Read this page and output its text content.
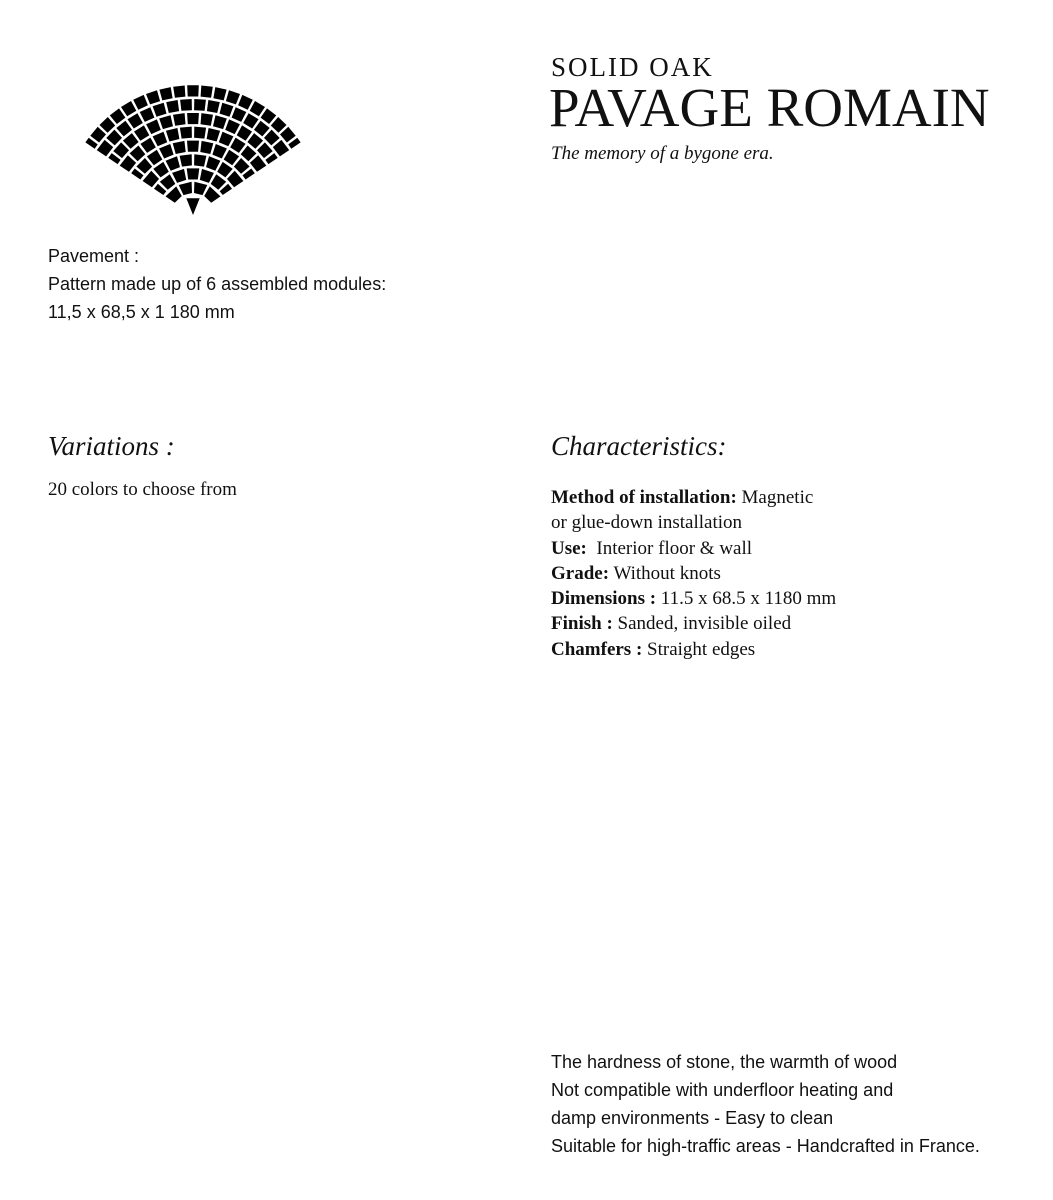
SOLID OAK
PAVAGE ROMAIN
The memory of a bygone era.
Pavement :
Pattern made up of 6 assembled modules:
11,5 x 68,5 x 1 180 mm
Variations :
20 colors to choose from
Characteristics:
Method of installation: Magnetic
or glue-down installation
Use:  Interior floor & wall
Grade: Without knots
Dimensions : 11.5 x 68.5 x 1180 mm
Finish : Sanded, invisible oiled
Chamfers : Straight edges
The hardness of stone, the warmth of wood
Not compatible with underfloor heating and
damp environments - Easy to clean
Suitable for high-traffic areas - Handcrafted in France.
